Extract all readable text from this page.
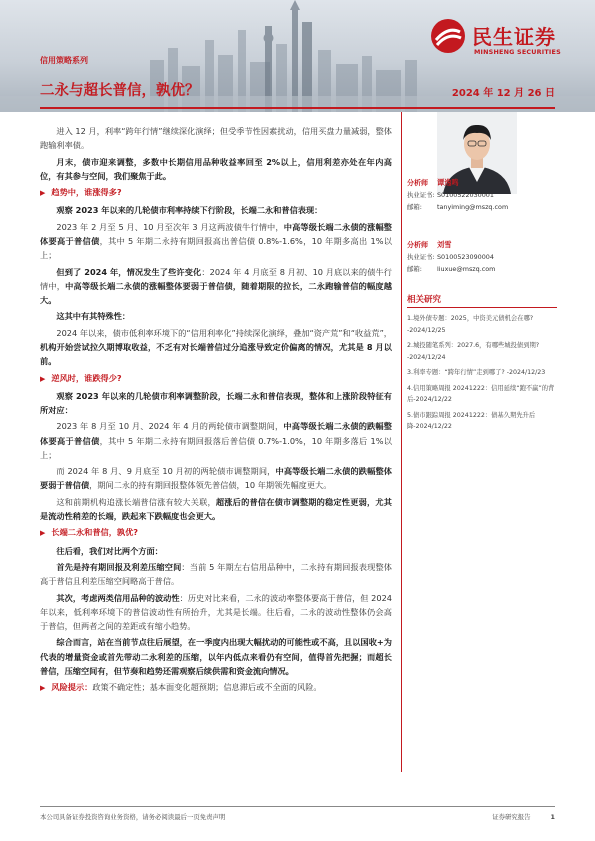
信用策略系列
二永与超长普信，孰优？	2024 年 12 月 26 日
民生证券
MINSHENG SECURITIES

进入 12 月，利率“跨年行情”继续深化演绎；但受季节性因素扰动，信用买盘力量减弱，整体跑输利率债。

月末，债市迎来调整，多数中长期信用品种收益率回至 2%以上，信用利差亦处在年内高位，有其参与空间，我们聚焦于此。

▶ 趋势中，谁涨得多?

观察 2023 年以来的几轮债市利率持续下行阶段，长端二永和普信表现：

2023 年 2 月至 5 月、10 月至次年 3 月这两波债牛行情中，中高等级长端二永债的涨幅整体要高于普信债，其中 5 年期二永持有期回报高出普信债 0.8%-1.6%，10 年期多高出 1%以上；

但到了 2024 年，情况发生了些许变化：2024 年 4 月底至 8 月初、10 月底以来的债牛行情中，中高等级长端二永债的涨幅整体要弱于普信债，随着期限的拉长，二永跑输普信的幅度越大。

这其中有其特殊性：

2024 年以来，债市低利率环境下的“信用利率化”持续深化演绎，叠加“资产荒”和“收益荒”，机构开始尝试拉久期博取收益，不乏有对长端普信过分追涨导致定价偏离的情况，尤其是 8 月以前。

▶ 逆风时，谁跌得少?

观察 2023 年以来的几轮债市利率调整阶段，长端二永和普信表现，整体和上涨阶段特征有所对应：

2023 年 8 月至 10 月、2024 年 4 月的两轮债市调整期间，中高等级长端二永债的跌幅整体要高于普信债，其中 5 年期二永持有期回报落后普信债 0.7%-1.0%，10 年期多落后 1%以上；

而 2024 年 8 月、9 月底至 10 月初的两轮债市调整期间，中高等级长端二永债的跌幅整体要弱于普信债，期间二永的持有期回报整体领先普信债，10 年期领先幅度更大。

这和前期机构追涨长端普信涨有较大关联，超涨后的普信在债市调整期的稳定性更弱，尤其是流动性稍差的长端，跌起来下跌幅度也会更大。

▶ 长端二永和普信，孰优?

往后看，我们对比两个方面：

首先是持有期回报及利差压缩空间：当前 5 年期左右信用品种中，二永持有期回报表现整体高于普信且利差压缩空间略高于普信。

其次，考虑两类信用品种的波动性：历史对比来看，二永的波动率整体要高于普信，但 2024 年以来，低利率环境下的普信波动性有所抬升，尤其是长端。往后看，二永的波动性整体仍会高于普信，但两者之间的差距或有缩小趋势。

综合而言，站在当前节点往后展望，在一季度内出现大幅扰动的可能性或不高，且以国收+为代表的增量资金或首先带动二永利差的压缩，以年内低点来看仍有空间，值得首先把握；而超长普信，压缩空间有，但节奏和趋势还需观察后续供需和资金流向情况。

▶ 风险提示：政策不确定性；基本面变化超预期；信息滞后或不全面的风险。

分析师 谭逸鸣
执业证书: S0100522030001
邮箱: tanyiming@mszq.com
分析师 刘雪
执业证书: S0100523090004
邮箱: liuxue@mszq.com
相关研究
1.境外债专题：2025，中资美元债机会在哪?-2024/12/25
2.城投随笔系列：2027.6，有哪些城投债到期? -2024/12/24
3.利率专题：“跨年行情”走到哪了? -2024/12/23
4.信用策略周报 20241222：信用延续“跑不赢”的背后-2024/12/22
5.债市跟踪周报 20241222：债基久期先升后降-2024/12/22
本公司具备证券投资咨询业务资格，请务必阅读最后一页免责声明	证券研究报告	1
